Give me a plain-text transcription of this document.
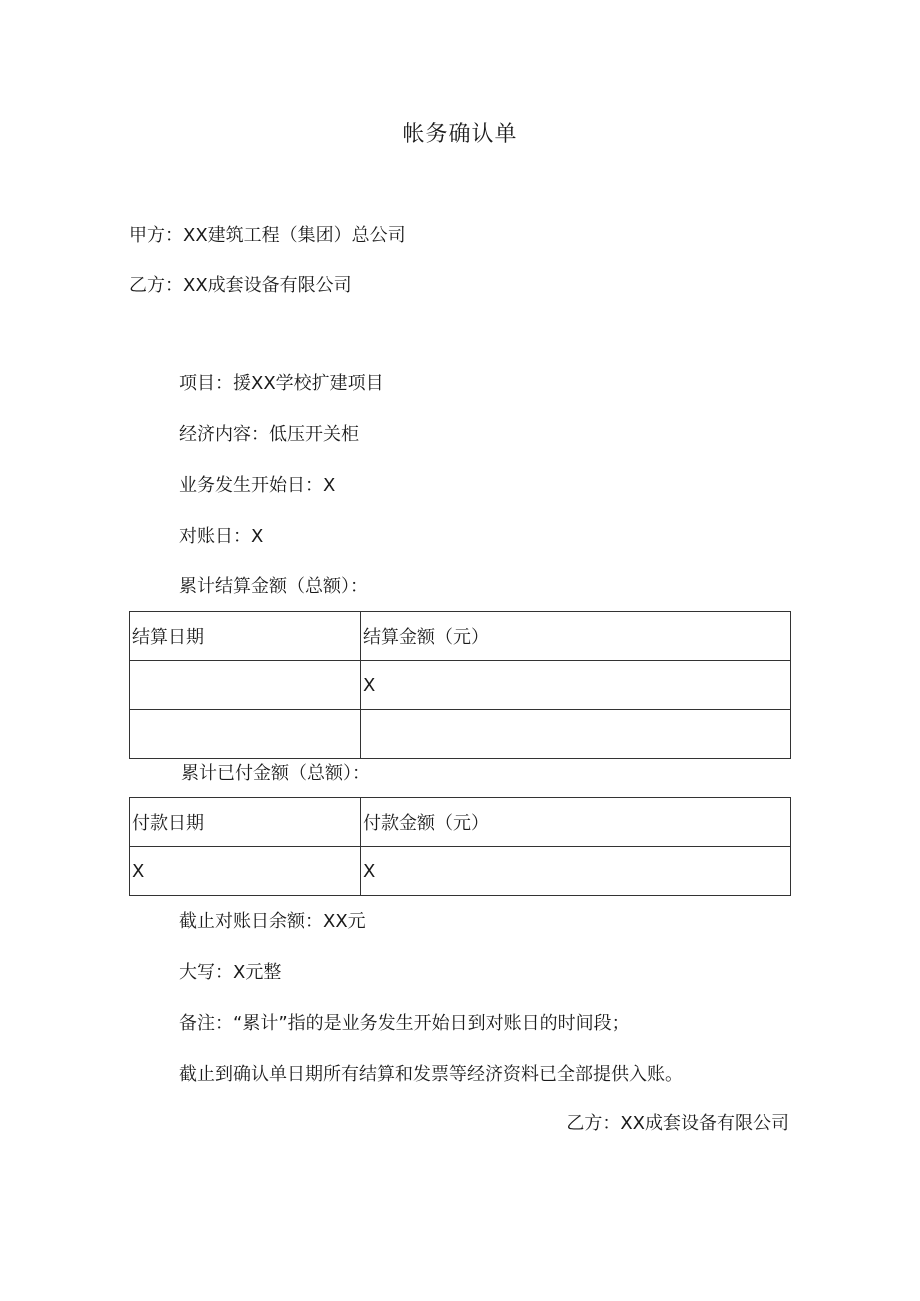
帐务确认单
甲方：XX建筑工程（集团）总公司
乙方：XX成套设备有限公司
项目：援XX学校扩建项目
经济内容：低压开关柜
业务发生开始日：X
对账日：X
累计结算金额（总额）：
结算日期	结算金额（元）
	X

累计已付金额（总额）：
付款日期	付款金额（元）
X	X
截止对账日余额：XX元
大写：X元整
备注：“累计”指的是业务发生开始日到对账日的时间段；
截止到确认单日期所有结算和发票等经济资料已全部提供入账。
乙方：XX成套设备有限公司
